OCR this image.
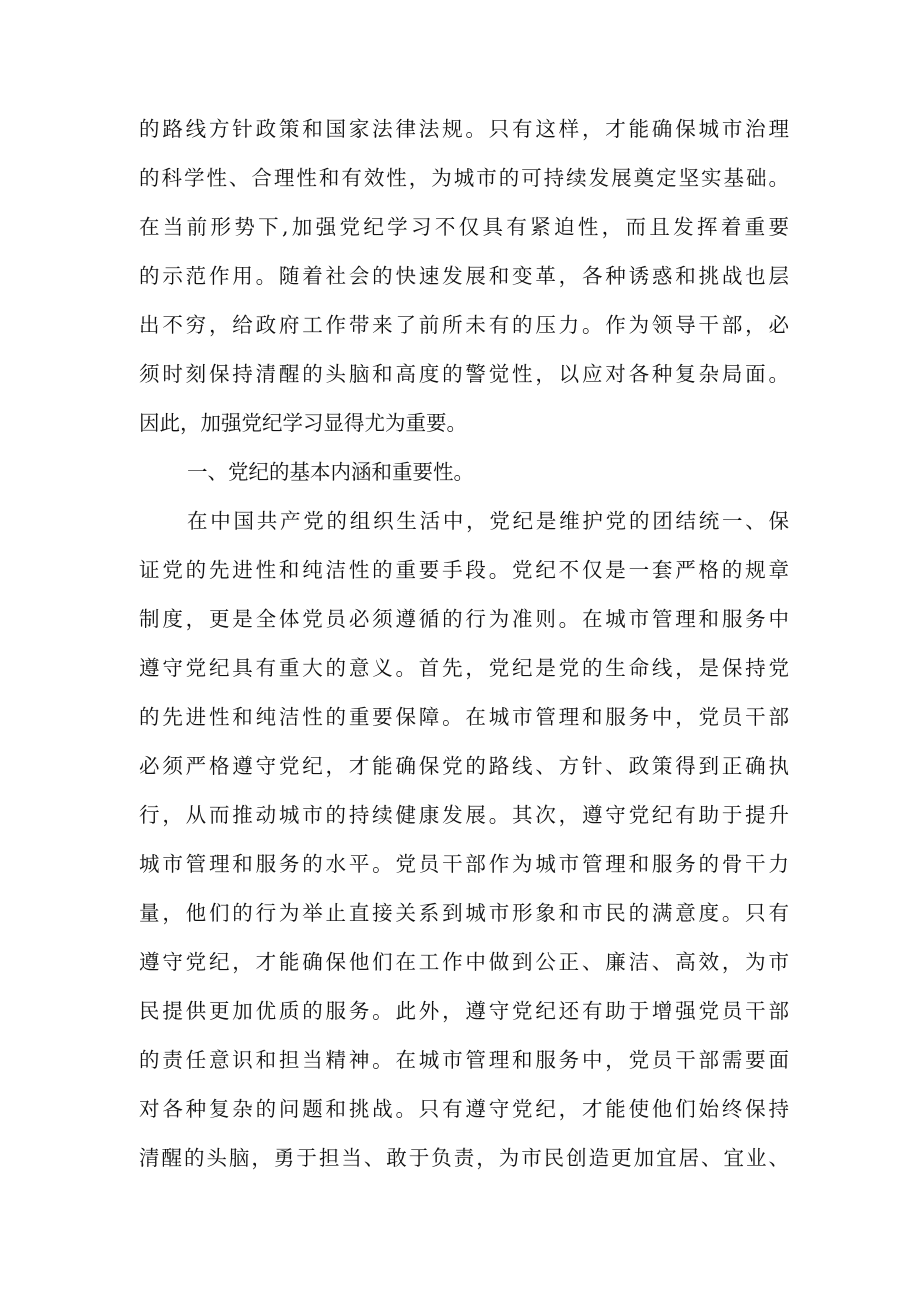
的路线方针政策和国家法律法规。只有这样，才能确保城市治理
的科学性、合理性和有效性，为城市的可持续发展奠定坚实基础。
在当前形势下,加强党纪学习不仅具有紧迫性，而且发挥着重要
的示范作用。随着社会的快速发展和变革，各种诱惑和挑战也层
出不穷，给政府工作带来了前所未有的压力。作为领导干部，必
须时刻保持清醒的头脑和高度的警觉性，以应对各种复杂局面。
因此，加强党纪学习显得尤为重要。
一、党纪的基本内涵和重要性。
在中国共产党的组织生活中，党纪是维护党的团结统一、保
证党的先进性和纯洁性的重要手段。党纪不仅是一套严格的规章
制度，更是全体党员必须遵循的行为准则。在城市管理和服务中
遵守党纪具有重大的意义。首先，党纪是党的生命线，是保持党
的先进性和纯洁性的重要保障。在城市管理和服务中，党员干部
必须严格遵守党纪，才能确保党的路线、方针、政策得到正确执
行，从而推动城市的持续健康发展。其次，遵守党纪有助于提升
城市管理和服务的水平。党员干部作为城市管理和服务的骨干力
量，他们的行为举止直接关系到城市形象和市民的满意度。只有
遵守党纪，才能确保他们在工作中做到公正、廉洁、高效，为市
民提供更加优质的服务。此外，遵守党纪还有助于增强党员干部
的责任意识和担当精神。在城市管理和服务中，党员干部需要面
对各种复杂的问题和挑战。只有遵守党纪，才能使他们始终保持
清醒的头脑，勇于担当、敢于负责，为市民创造更加宜居、宜业、
